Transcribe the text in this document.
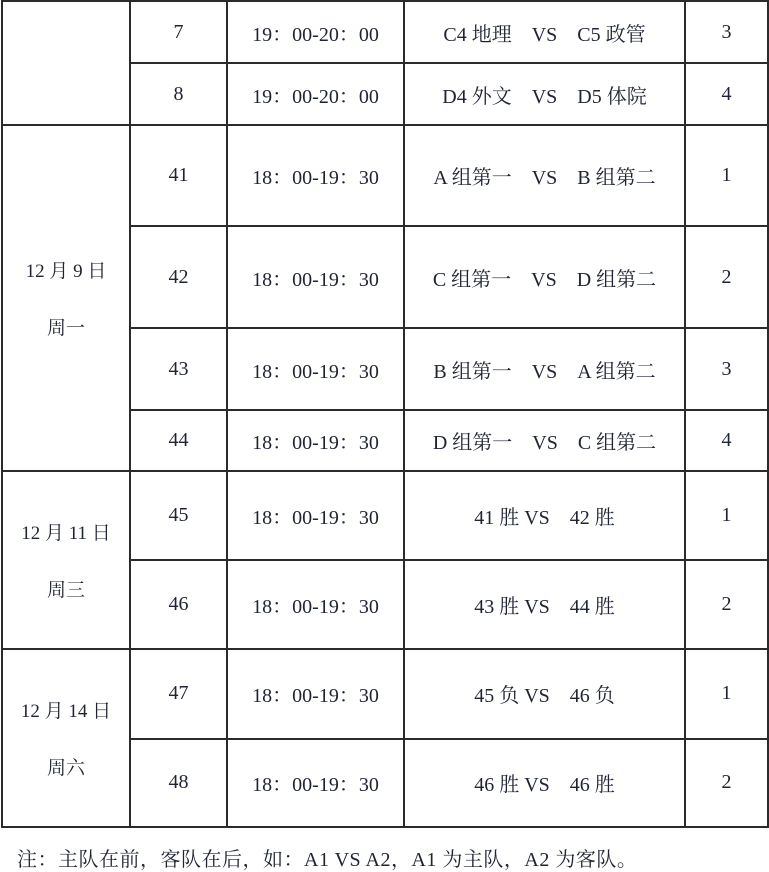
	7	19：00-20：00	C4 地理　VS　C5 政管	3
	8	19：00-20：00	D4 外文　VS　D5 体院	4

12 月 9 日
周一	41	18：00-19：30	A 组第一　VS　B 组第二	1
	42	18：00-19：30	C 组第一　VS　D 组第二	2
	43	18：00-19：30	B 组第一　VS　A 组第二	3
	44	18：00-19：30	D 组第一　VS　C 组第二	4

12 月 11 日
周三	45	18：00-19：30	41 胜 VS　42 胜	1
	46	18：00-19：30	43 胜 VS　44 胜	2

12 月 14 日
周六	47	18：00-19：30	45 负 VS　46 负	1
	48	18：00-19：30	46 胜 VS　46 胜	2
注：主队在前，客队在后，如：A1 VS A2，A1 为主队，A2 为客队。
